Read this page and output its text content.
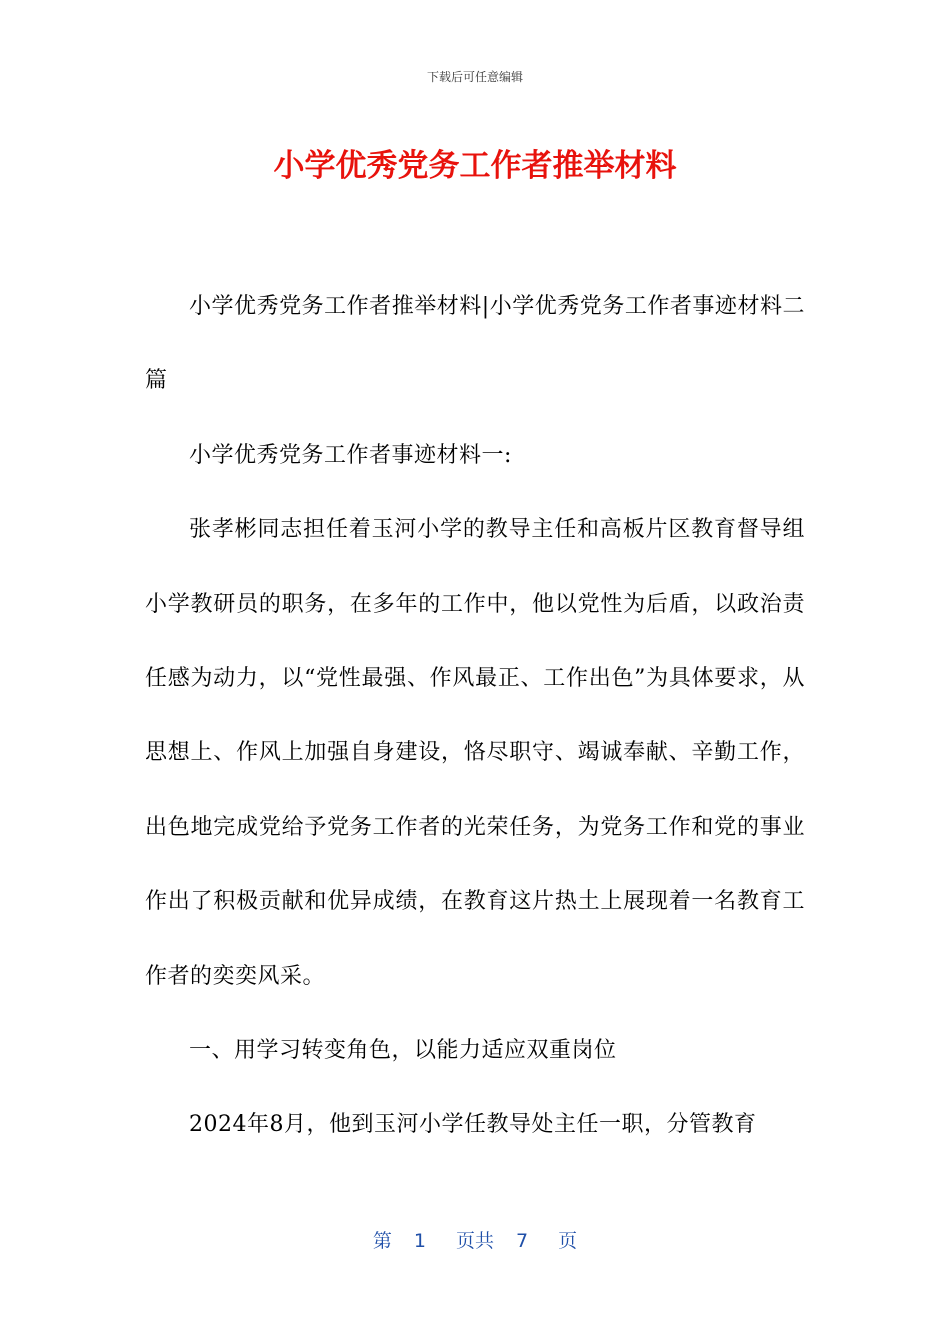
下载后可任意编辑
小学优秀党务工作者推举材料

小学优秀党务工作者推举材料|小学优秀党务工作者事迹材料二篇

小学优秀党务工作者事迹材料一:

张孝彬同志担任着玉河小学的教导主任和高板片区教育督导组小学教研员的职务，在多年的工作中，他以党性为后盾，以政治责任感为动力，以“党性最强、作风最正、工作出色”为具体要求，从思想上、作风上加强自身建设，恪尽职守、竭诚奉献、辛勤工作，出色地完成党给予党务工作者的光荣任务，为党务工作和党的事业作出了积极贡献和优异成绩，在教育这片热土上展现着一名教育工作者的奕奕风采。

一、用学习转变角色，以能力适应双重岗位

2024年8月，他到玉河小学任教导处主任一职，分管教育

第 1 页共 7 页
